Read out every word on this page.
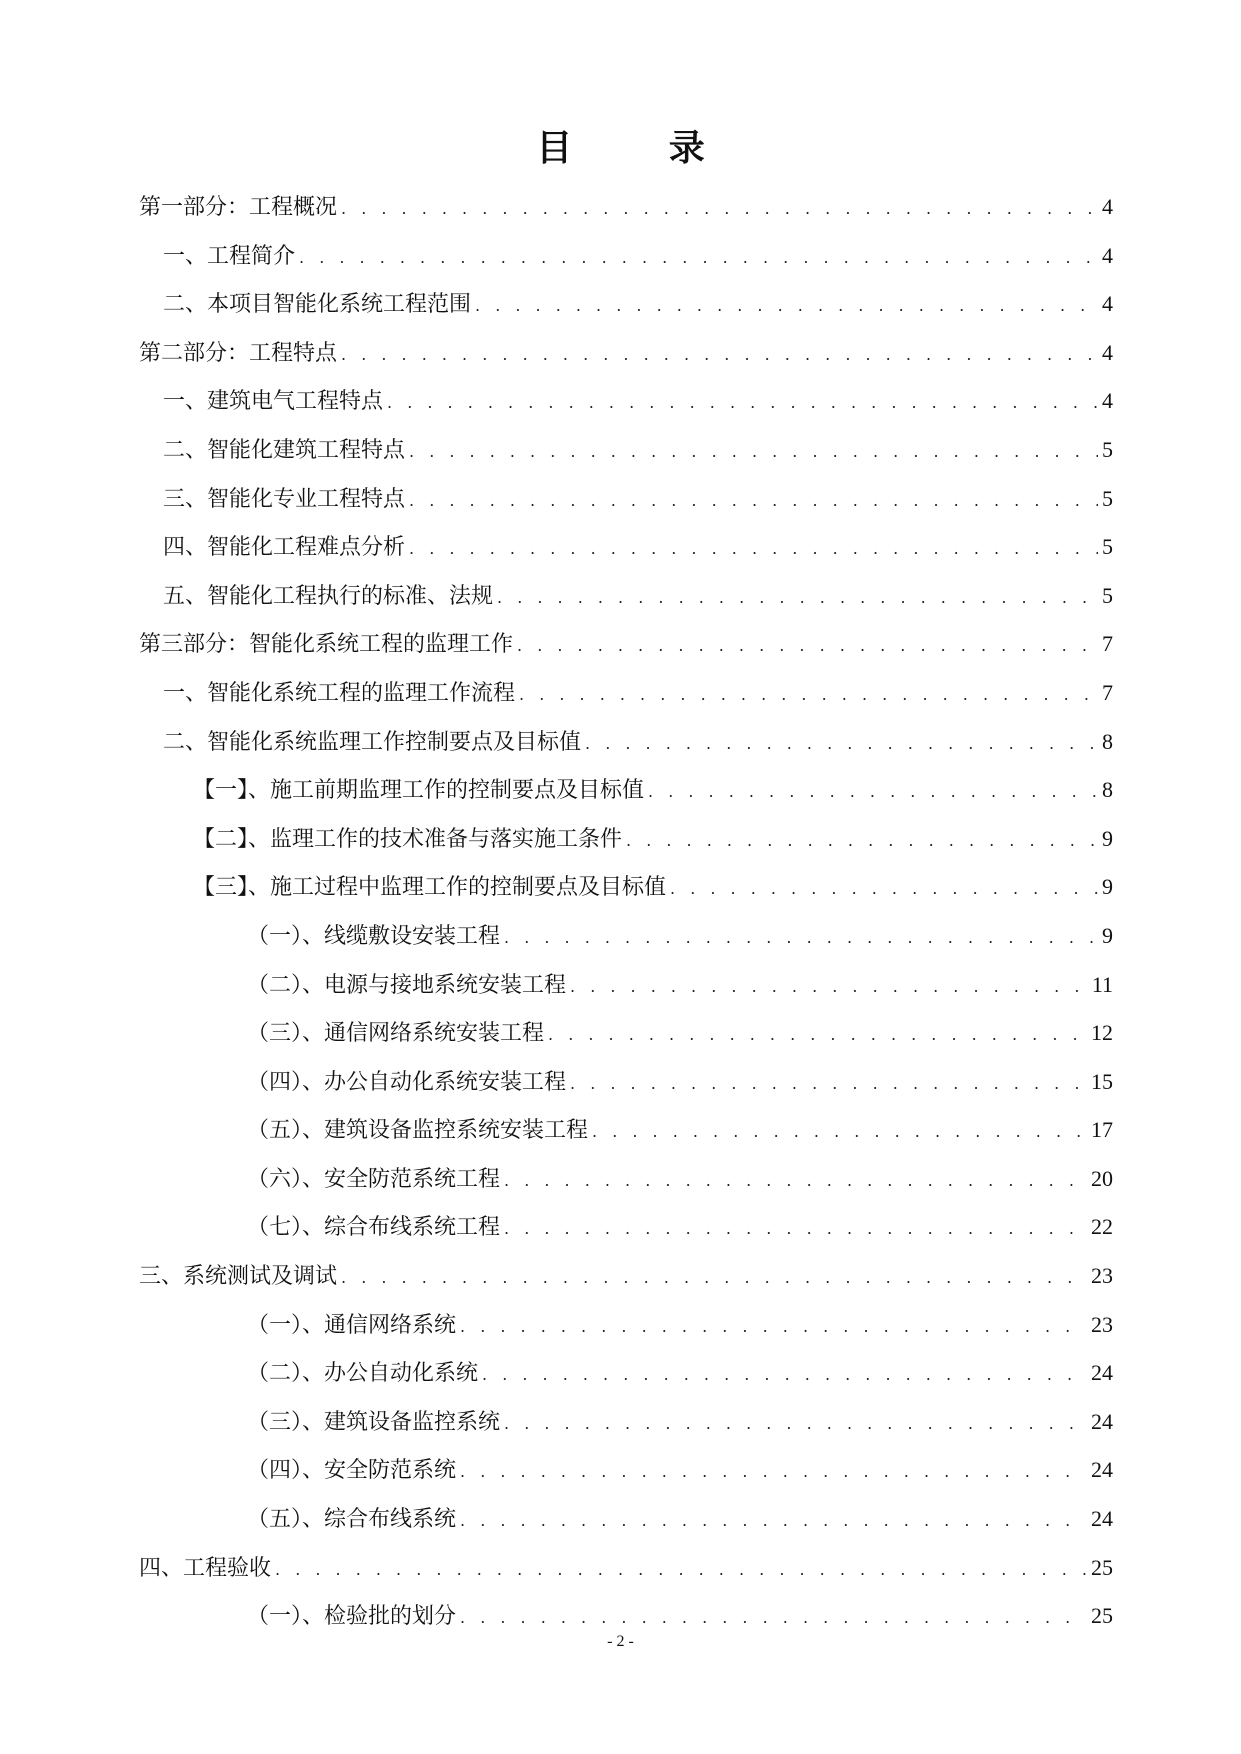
目 录
第一部分：工程概况 . . .	4
一、工程简介 . . .	4
二、本项目智能化系统工程范围 . . .	4
第二部分：工程特点 . . .	4
一、建筑电气工程特点 . . .	4
二、智能化建筑工程特点 . . .	5
三、智能化专业工程特点 . . .	5
四、智能化工程难点分析 . . .	5
五、智能化工程执行的标准、法规 . . .	5
第三部分：智能化系统工程的监理工作 . . .	7
一、智能化系统工程的监理工作流程 . . .	7
二、智能化系统监理工作控制要点及目标值 . . .	8
【一】、施工前期监理工作的控制要点及目标值 . . .	8
【二】、监理工作的技术准备与落实施工条件 . . .	9
【三】、施工过程中监理工作的控制要点及目标值 . . .	9
（一）、线缆敷设安装工程 . . .	9
（二）、电源与接地系统安装工程 . . .	11
（三）、通信网络系统安装工程 . . .	12
（四）、办公自动化系统安装工程 . . .	15
（五）、建筑设备监控系统安装工程 . . .	17
（六）、安全防范系统工程 . . .	20
（七）、综合布线系统工程 . . .	22
三、系统测试及调试 . . .	23
（一）、通信网络系统 . . .	23
（二）、办公自动化系统 . . .	24
（三）、建筑设备监控系统 . . .	24
（四）、安全防范系统 . . .	24
（五）、综合布线系统 . . .	24
四、工程验收 . . .	25
（一）、检验批的划分 . . .	25
- 2 -
